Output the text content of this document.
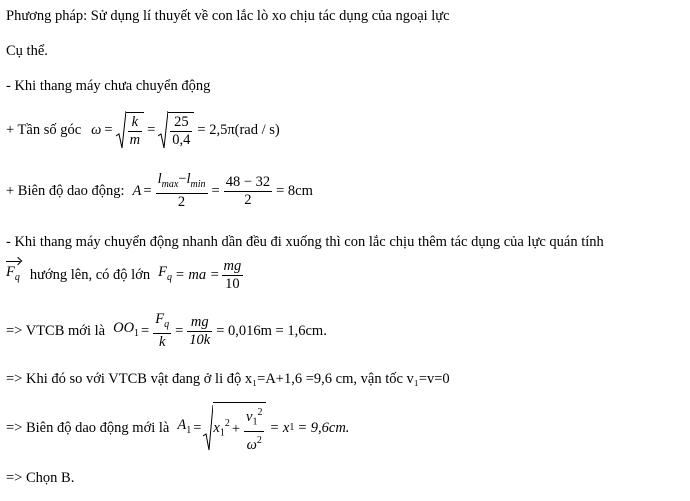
Phương pháp: Sử dụng lí thuyết về con lắc lò xo chịu tác dụng của ngoại lực
Cụ thể.
- Khi thang máy chưa chuyển động
+ Tần số góc $\omega = \frac{k}{m} = \frac{25}{0,4} = 2,5\pi(rad / s)$
+ Biên độ dao động: $A = \frac{l_{max}-l_{min}}{2} = \frac{48 - 32}{2} = 8cm$
- Khi thang máy chuyển động nhanh dần đều đi xuống thì con lắc chịu thêm tác dụng của lực quán tính
$F_q$ hướng lên, có độ lớn $F_q$ = ma = $\frac{mg}{10}$
=> VTCB mới là $OO_1 = \frac{F_q}{k} = \frac{mg}{10k} = 0,016m = 1,6cm$.
=> Khi đó so với VTCB vật đang ở li độ x₁=A+1,6 =9,6 cm, vận tốc v₁=v=0
=> Biên độ dao động mới là $A_1 = x_1^2 + \frac{v_1^2}{\omega^2} = x$ 1 = 9,6cm.
=> Chọn B.
